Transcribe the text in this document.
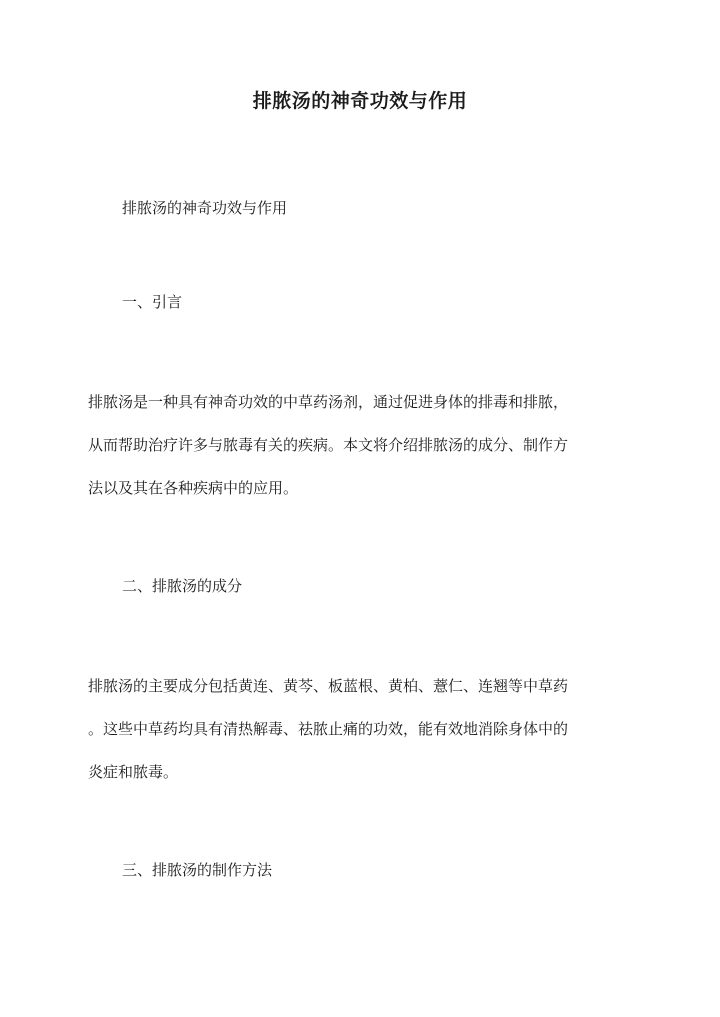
排脓汤的神奇功效与作用
排脓汤的神奇功效与作用
一、引言
排脓汤是一种具有神奇功效的中草药汤剂，通过促进身体的排毒和排脓，
从而帮助治疗许多与脓毒有关的疾病。本文将介绍排脓汤的成分、制作方
法以及其在各种疾病中的应用。
二、排脓汤的成分
排脓汤的主要成分包括黄连、黄芩、板蓝根、黄柏、薏仁、连翘等中草药
。这些中草药均具有清热解毒、祛脓止痛的功效，能有效地消除身体中的
炎症和脓毒。
三、排脓汤的制作方法
